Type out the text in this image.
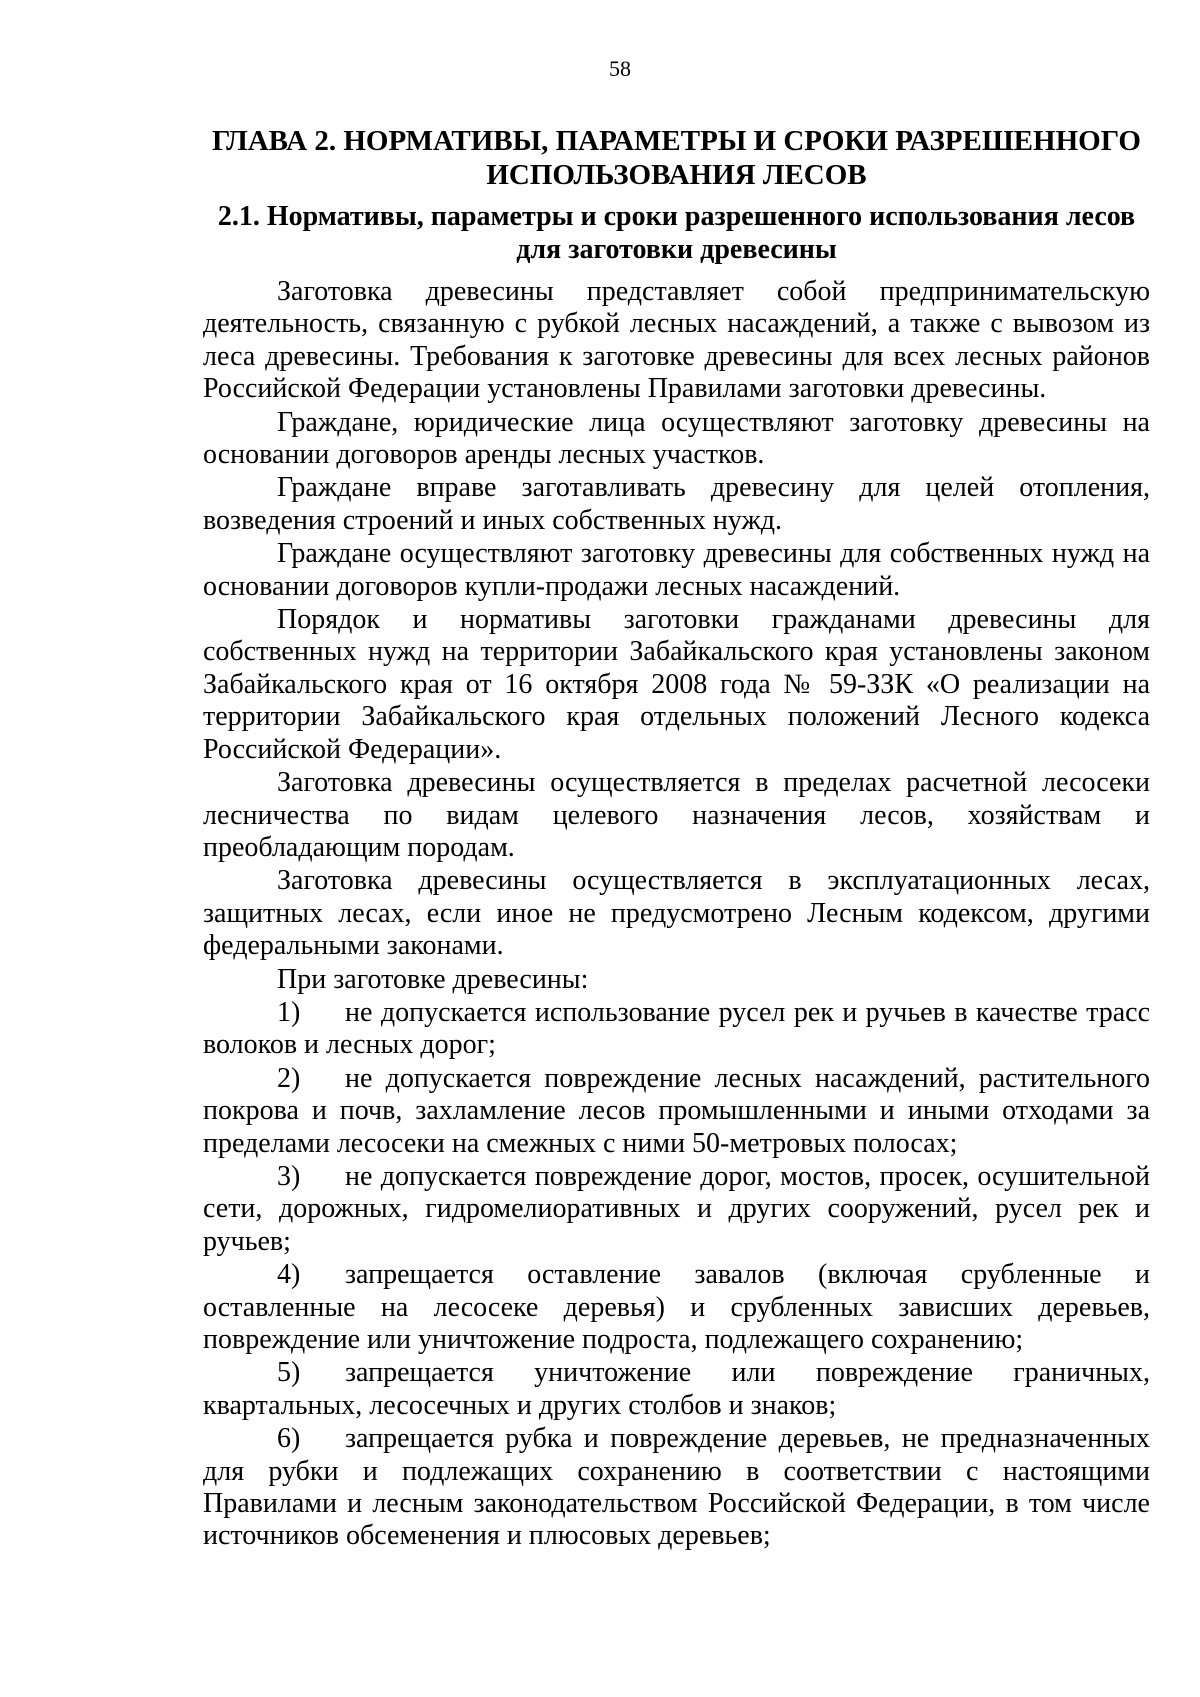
58
ГЛАВА 2. НОРМАТИВЫ, ПАРАМЕТРЫ И СРОКИ РАЗРЕШЕННОГО ИСПОЛЬЗОВАНИЯ ЛЕСОВ
2.1. Нормативы, параметры и сроки разрешенного использования лесов для заготовки древесины

Заготовка древесины представляет собой предпринимательскую деятельность, связанную с рубкой лесных насаждений, а также с вывозом из леса древесины. Требования к заготовке древесины для всех лесных районов Российской Федерации установлены Правилами заготовки древесины.

Граждане, юридические лица осуществляют заготовку древесины на основании договоров аренды лесных участков.

Граждане вправе заготавливать древесину для целей отопления, возведения строений и иных собственных нужд.

Граждане осуществляют заготовку древесины для собственных нужд на основании договоров купли-продажи лесных насаждений.

Порядок и нормативы заготовки гражданами древесины для собственных нужд на территории Забайкальского края установлены законом Забайкальского края от 16 октября 2008 года № 59-ЗЗК «О реализации на территории Забайкальского края отдельных положений Лесного кодекса Российской Федерации».

Заготовка древесины осуществляется в пределах расчетной лесосеки лесничества по видам целевого назначения лесов, хозяйствам и преобладающим породам.

Заготовка древесины осуществляется в эксплуатационных лесах, защитных лесах, если иное не предусмотрено Лесным кодексом, другими федеральными законами.

При заготовке древесины:

1) не допускается использование русел рек и ручьев в качестве трасс волоков и лесных дорог;

2) не допускается повреждение лесных насаждений, растительного покрова и почв, захламление лесов промышленными и иными отходами за пределами лесосеки на смежных с ними 50-метровых полосах;

3) не допускается повреждение дорог, мостов, просек, осушительной сети, дорожных, гидромелиоративных и других сооружений, русел рек и ручьев;

4) запрещается оставление завалов (включая срубленные и оставленные на лесосеке деревья) и срубленных зависших деревьев, повреждение или уничтожение подроста, подлежащего сохранению;

5) запрещается уничтожение или повреждение граничных, квартальных, лесосечных и других столбов и знаков;

6) запрещается рубка и повреждение деревьев, не предназначенных для рубки и подлежащих сохранению в соответствии с настоящими Правилами и лесным законодательством Российской Федерации, в том числе источников обсеменения и плюсовых деревьев;
